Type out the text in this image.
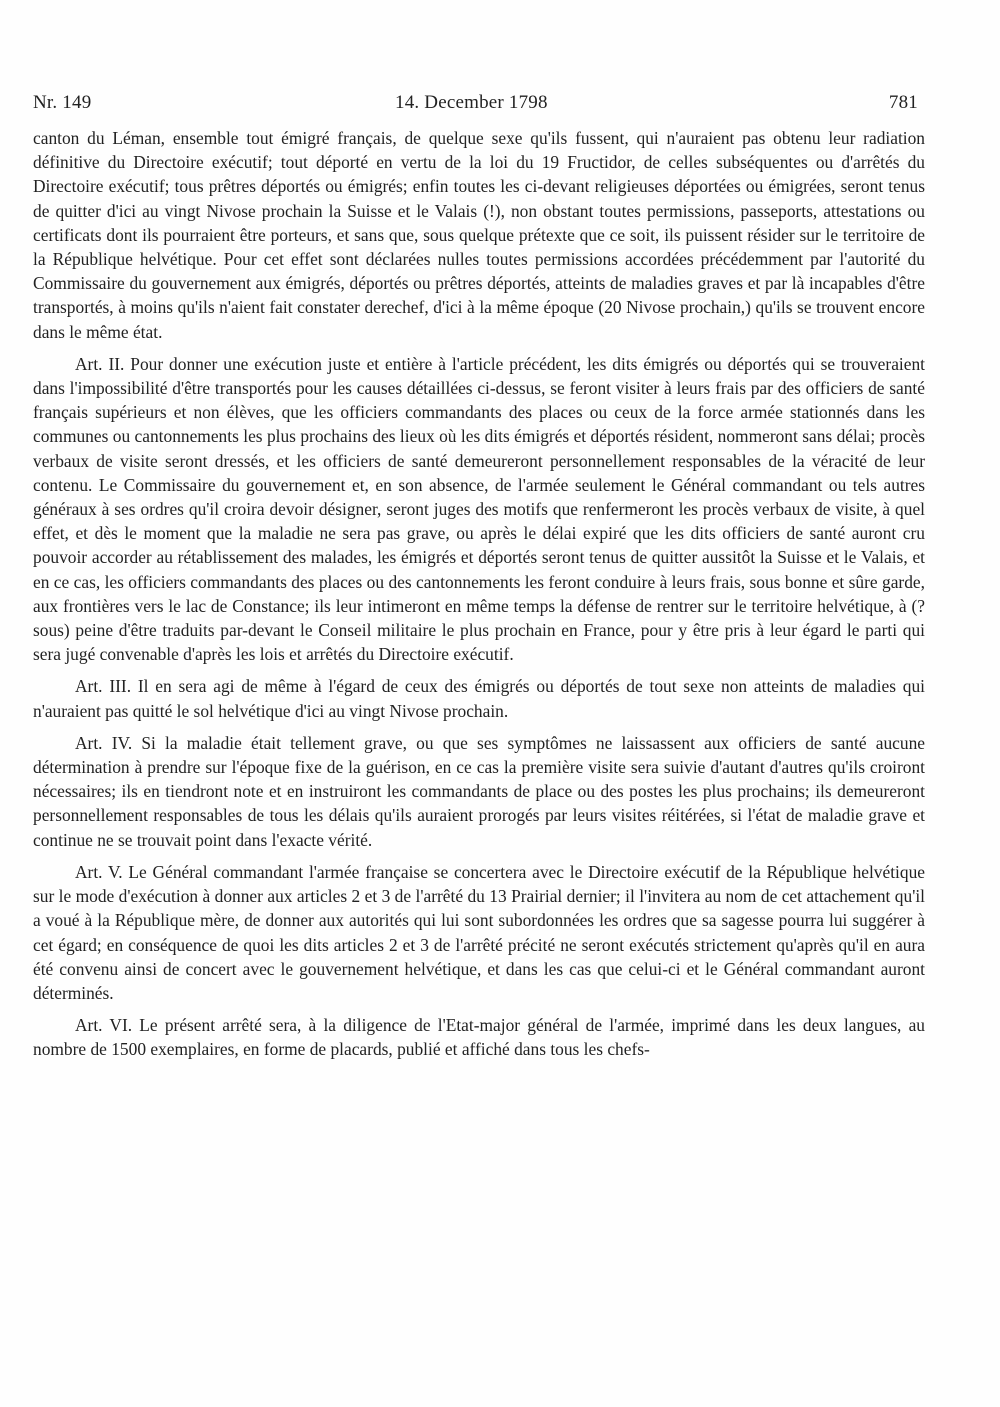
Nr. 149	14. December 1798	781

canton du Léman, ensemble tout émigré français, de quelque sexe qu'ils fussent, qui n'auraient pas obtenu leur radiation définitive du Directoire exécutif; tout déporté en vertu de la loi du 19 Fructidor, de celles subséquentes ou d'arrêtés du Directoire exécutif; tous prêtres déportés ou émigrés; enfin toutes les ci-devant religieuses déportées ou émigrées, seront tenus de quitter d'ici au vingt Nivose prochain la Suisse et le Valais (!), non obstant toutes permissions, passeports, attestations ou certificats dont ils pourraient être porteurs, et sans que, sous quelque prétexte que ce soit, ils puissent résider sur le territoire de la République helvétique. Pour cet effet sont déclarées nulles toutes permissions accordées précédemment par l'autorité du Commissaire du gouvernement aux émigrés, déportés ou prêtres déportés, atteints de maladies graves et par là incapables d'être transportés, à moins qu'ils n'aient fait constater derechef, d'ici à la même époque (20 Nivose prochain,) qu'ils se trouvent encore dans le même état.

Art. II. Pour donner une exécution juste et entière à l'article précédent, les dits émigrés ou déportés qui se trouveraient dans l'impossibilité d'être transportés pour les causes détaillées ci-dessus, se feront visiter à leurs frais par des officiers de santé français supérieurs et non élèves, que les officiers commandants des places ou ceux de la force armée stationnés dans les communes ou cantonnements les plus prochains des lieux où les dits émigrés et déportés résident, nommeront sans délai; procès verbaux de visite seront dressés, et les officiers de santé demeureront personnellement responsables de la véracité de leur contenu. Le Commissaire du gouvernement et, en son absence, de l'armée seulement le Général commandant ou tels autres généraux à ses ordres qu'il croira devoir désigner, seront juges des motifs que renfermeront les procès verbaux de visite, à quel effet, et dès le moment que la maladie ne sera pas grave, ou après le délai expiré que les dits officiers de santé auront cru pouvoir accorder au rétablissement des malades, les émigrés et déportés seront tenus de quitter aussitôt la Suisse et le Valais, et en ce cas, les officiers commandants des places ou des cantonnements les feront conduire à leurs frais, sous bonne et sûre garde, aux frontières vers le lac de Constance; ils leur intimeront en même temps la défense de rentrer sur le territoire helvétique, à (? sous) peine d'être traduits par-devant le Conseil militaire le plus prochain en France, pour y être pris à leur égard le parti qui sera jugé convenable d'après les lois et arrêtés du Directoire exécutif.

Art. III. Il en sera agi de même à l'égard de ceux des émigrés ou déportés de tout sexe non atteints de maladies qui n'auraient pas quitté le sol helvétique d'ici au vingt Nivose prochain.

Art. IV. Si la maladie était tellement grave, ou que ses symptômes ne laissassent aux officiers de santé aucune détermination à prendre sur l'époque fixe de la guérison, en ce cas la première visite sera suivie d'autant d'autres qu'ils croiront nécessaires; ils en tiendront note et en instruiront les commandants de place ou des postes les plus prochains; ils demeureront personnellement responsables de tous les délais qu'ils auraient prorogés par leurs visites réitérées, si l'état de maladie grave et continue ne se trouvait point dans l'exacte vérité.

Art. V. Le Général commandant l'armée française se concertera avec le Directoire exécutif de la République helvétique sur le mode d'exécution à donner aux articles 2 et 3 de l'arrêté du 13 Prairial dernier; il l'invitera au nom de cet attachement qu'il a voué à la République mère, de donner aux autorités qui lui sont subordonnées les ordres que sa sagesse pourra lui suggérer à cet égard; en conséquence de quoi les dits articles 2 et 3 de l'arrêté précité ne seront exécutés strictement qu'après qu'il en aura été convenu ainsi de concert avec le gouvernement helvétique, et dans les cas que celui-ci et le Général commandant auront déterminés.

Art. VI. Le présent arrêté sera, à la diligence de l'Etat-major général de l'armée, imprimé dans les deux langues, au nombre de 1500 exemplaires, en forme de placards, publié et affiché dans tous les chefs-
